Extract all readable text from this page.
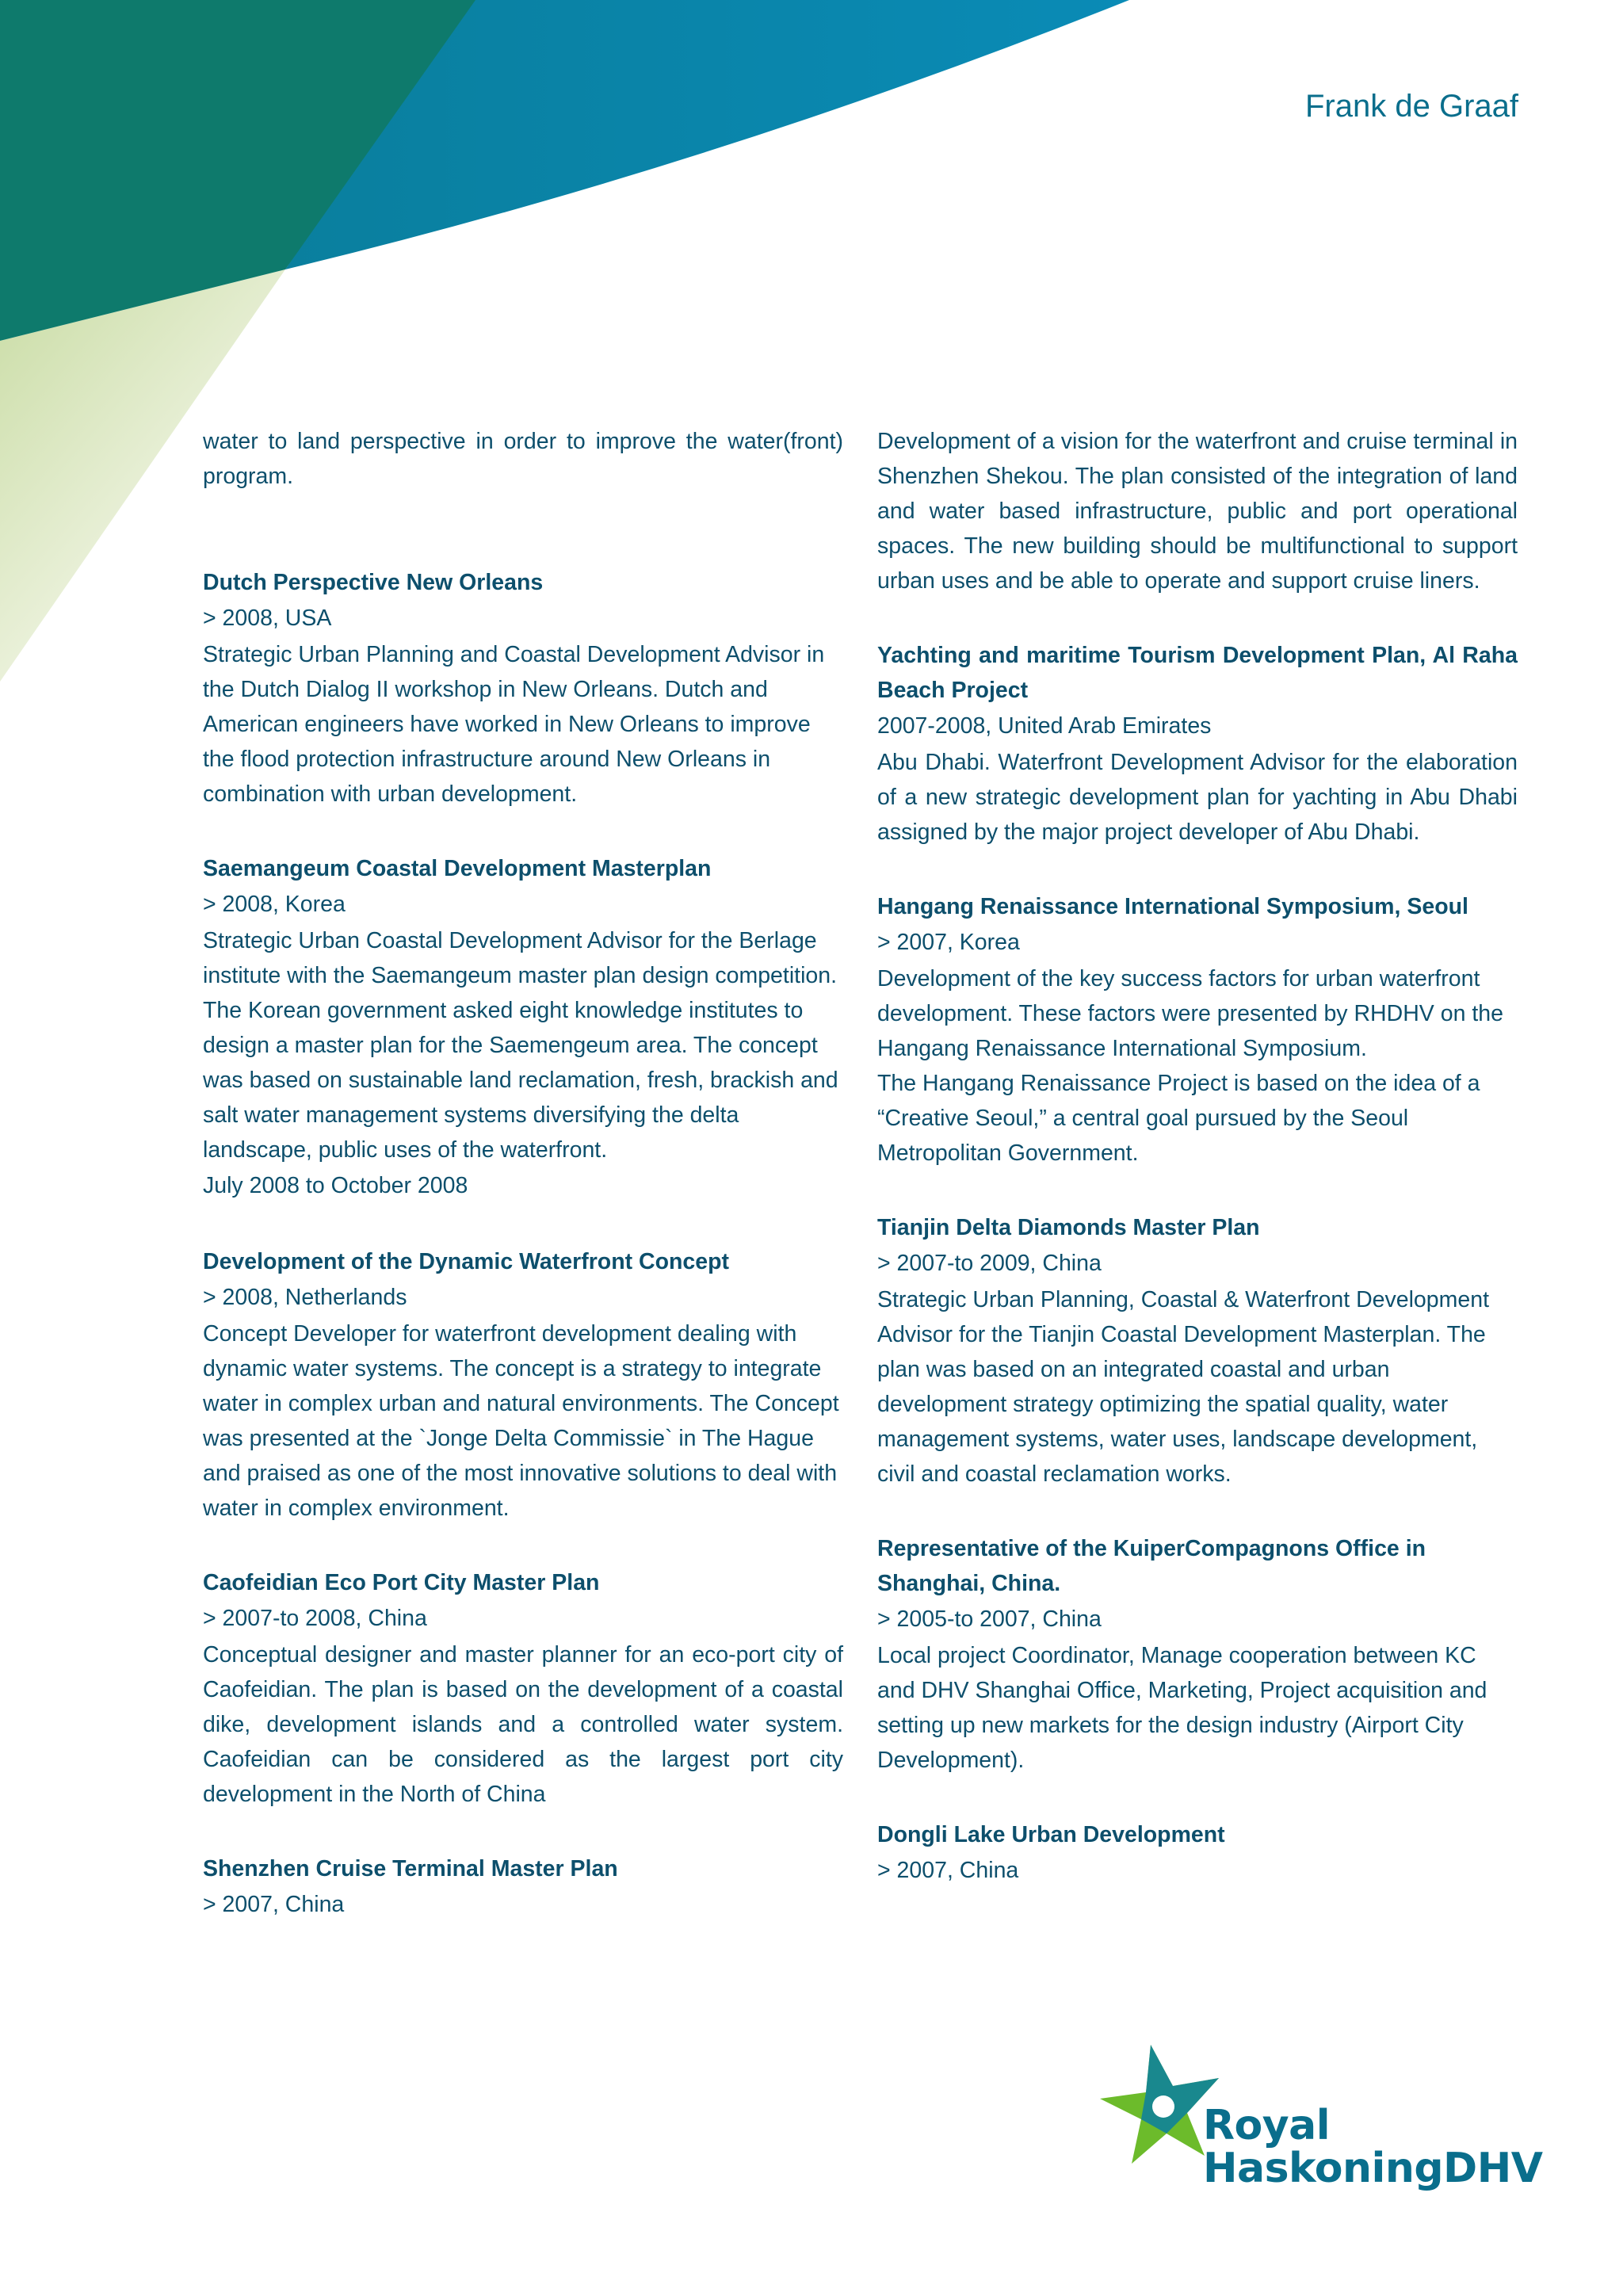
Frank de Graaf

water to land perspective in order to improve the water(front) program.

Dutch Perspective New Orleans

> 2008, USA

Strategic Urban Planning and Coastal Development Advisor in the Dutch Dialog II workshop in New Orleans. Dutch and American engineers have worked in New Orleans to improve the flood protection infrastructure around New Orleans in combination with urban development.

Saemangeum Coastal Development Masterplan

> 2008, Korea

Strategic Urban Coastal Development Advisor for the Berlage institute with the Saemangeum master plan design competition. The Korean government asked eight knowledge institutes to design a master plan for the Saemengeum area. The concept was based on sustainable land reclamation, fresh, brackish and salt water management systems diversifying the delta landscape, public uses of the waterfront.

July 2008 to October 2008

Development of the Dynamic Waterfront Concept

> 2008, Netherlands

Concept Developer for waterfront development dealing with dynamic water systems. The concept is a strategy to integrate water in complex urban and natural environments. The Concept was presented at the `Jonge Delta Commissie` in The Hague and praised as one of the most innovative solutions to deal with water in complex environment.

Caofeidian Eco Port City Master Plan

> 2007-to 2008, China

Conceptual designer and master planner for an eco-port city of Caofeidian. The plan is based on the development of a coastal dike, development islands and a controlled water system. Caofeidian can be considered as the largest port city development in the North of China

Shenzhen Cruise Terminal Master Plan

> 2007, China

Development of a vision for the waterfront and cruise terminal in Shenzhen Shekou. The plan consisted of the integration of land and water based infrastructure, public and port operational spaces. The new building should be multifunctional to support urban uses and be able to operate and support cruise liners.

Yachting and maritime Tourism Development Plan, Al Raha Beach Project

2007-2008, United Arab Emirates

Abu Dhabi. Waterfront Development Advisor for the elaboration of a new strategic development plan for yachting in Abu Dhabi assigned by the major project developer of Abu Dhabi.

Hangang Renaissance International Symposium, Seoul

> 2007, Korea

Development of the key success factors for urban waterfront development. These factors were presented by RHDHV on the Hangang Renaissance International Symposium.

The Hangang Renaissance Project is based on the idea of a “Creative Seoul,” a central goal pursued by the Seoul Metropolitan Government.

Tianjin Delta Diamonds Master Plan

> 2007-to 2009, China

Strategic Urban Planning, Coastal & Waterfront Development Advisor for the Tianjin Coastal Development Masterplan. The plan was based on an integrated coastal and urban development strategy optimizing the spatial quality, water management systems, water uses, landscape development, civil and coastal reclamation works.

Representative of the KuiperCompagnons Office in Shanghai, China.

> 2005-to 2007, China

Local project Coordinator, Manage cooperation between KC and DHV Shanghai Office, Marketing, Project acquisition and setting up new markets for the design industry (Airport City Development).

Dongli Lake Urban Development

> 2007, China

Royal
HaskoningDHV
